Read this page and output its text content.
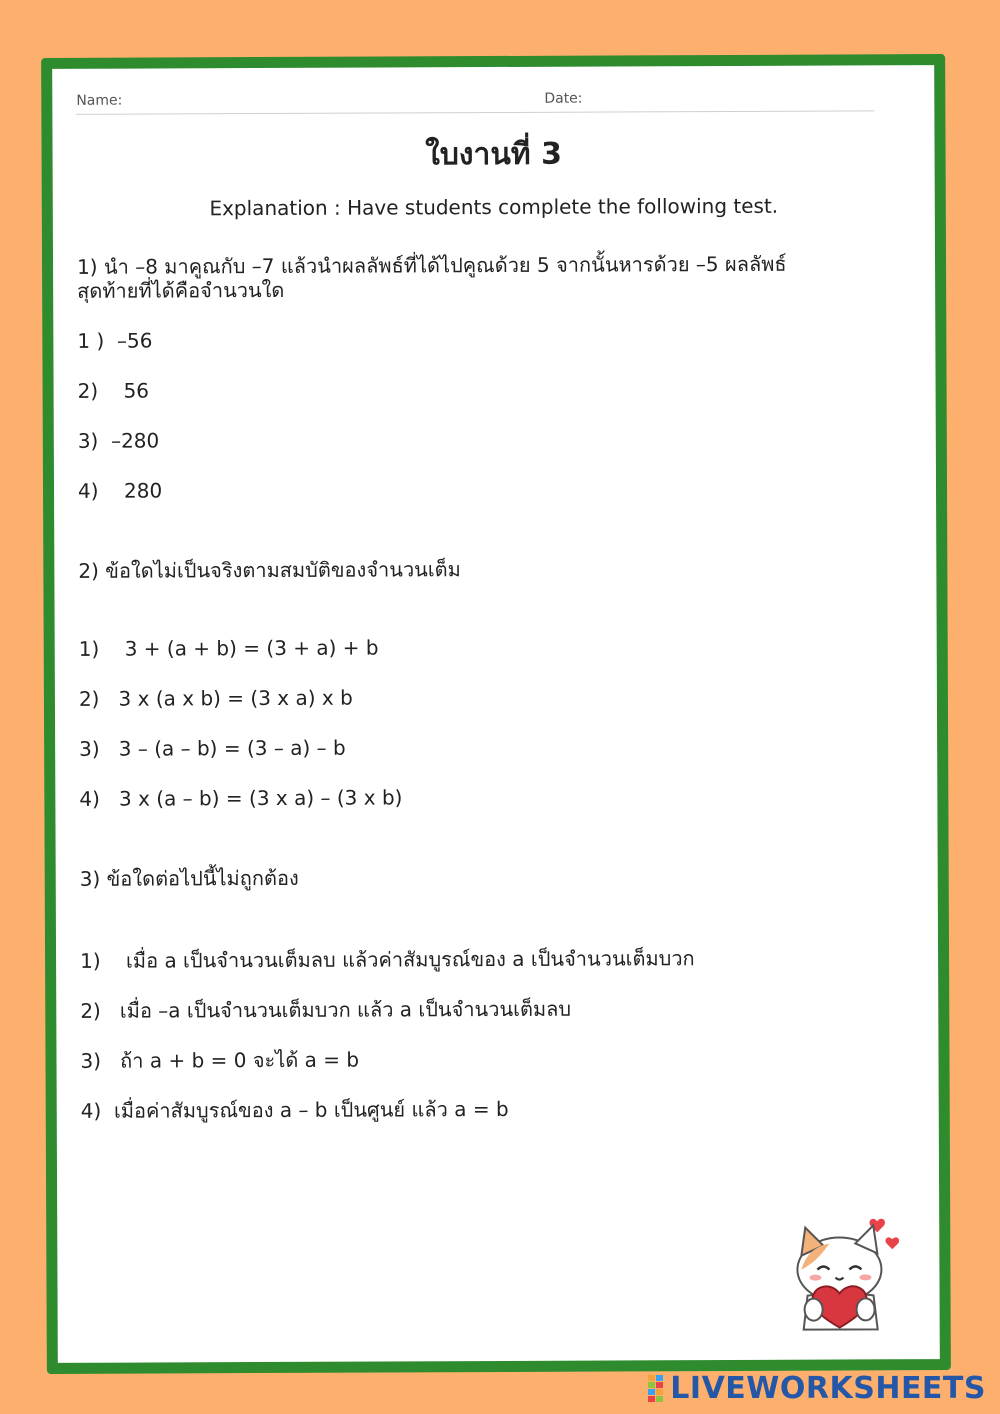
Name:	Date:
ใบงานที่ 3
Explanation : Have students complete the following test.
1) นำ –8 มาคูณกับ –7 แล้วนำผลลัพธ์ที่ได้ไปคูณด้วย 5 จากนั้นหารด้วย –5 ผลลัพธ์สุดท้ายที่ได้คือจำนวนใด
1 )  –56
2)    56
3)  –280
4)    280
2) ข้อใดไม่เป็นจริงตามสมบัติของจำนวนเต็ม
1)    3 + (a + b) = (3 + a) + b
2)   3 x (a x b) = (3 x a) x b
3)   3 – (a – b) = (3 – a) – b
4)   3 x (a – b) = (3 x a) – (3 x b)
3) ข้อใดต่อไปนี้ไม่ถูกต้อง
1)    เมื่อ a เป็นจำนวนเต็มลบ แล้วค่าสัมบูรณ์ของ a เป็นจำนวนเต็มบวก
2)   เมื่อ –a เป็นจำนวนเต็มบวก แล้ว a เป็นจำนวนเต็มลบ
3)   ถ้า a + b = 0 จะได้ a = b
4)  เมื่อค่าสัมบูรณ์ของ a – b เป็นศูนย์ แล้ว a = b
LIVEWORKSHEETS
